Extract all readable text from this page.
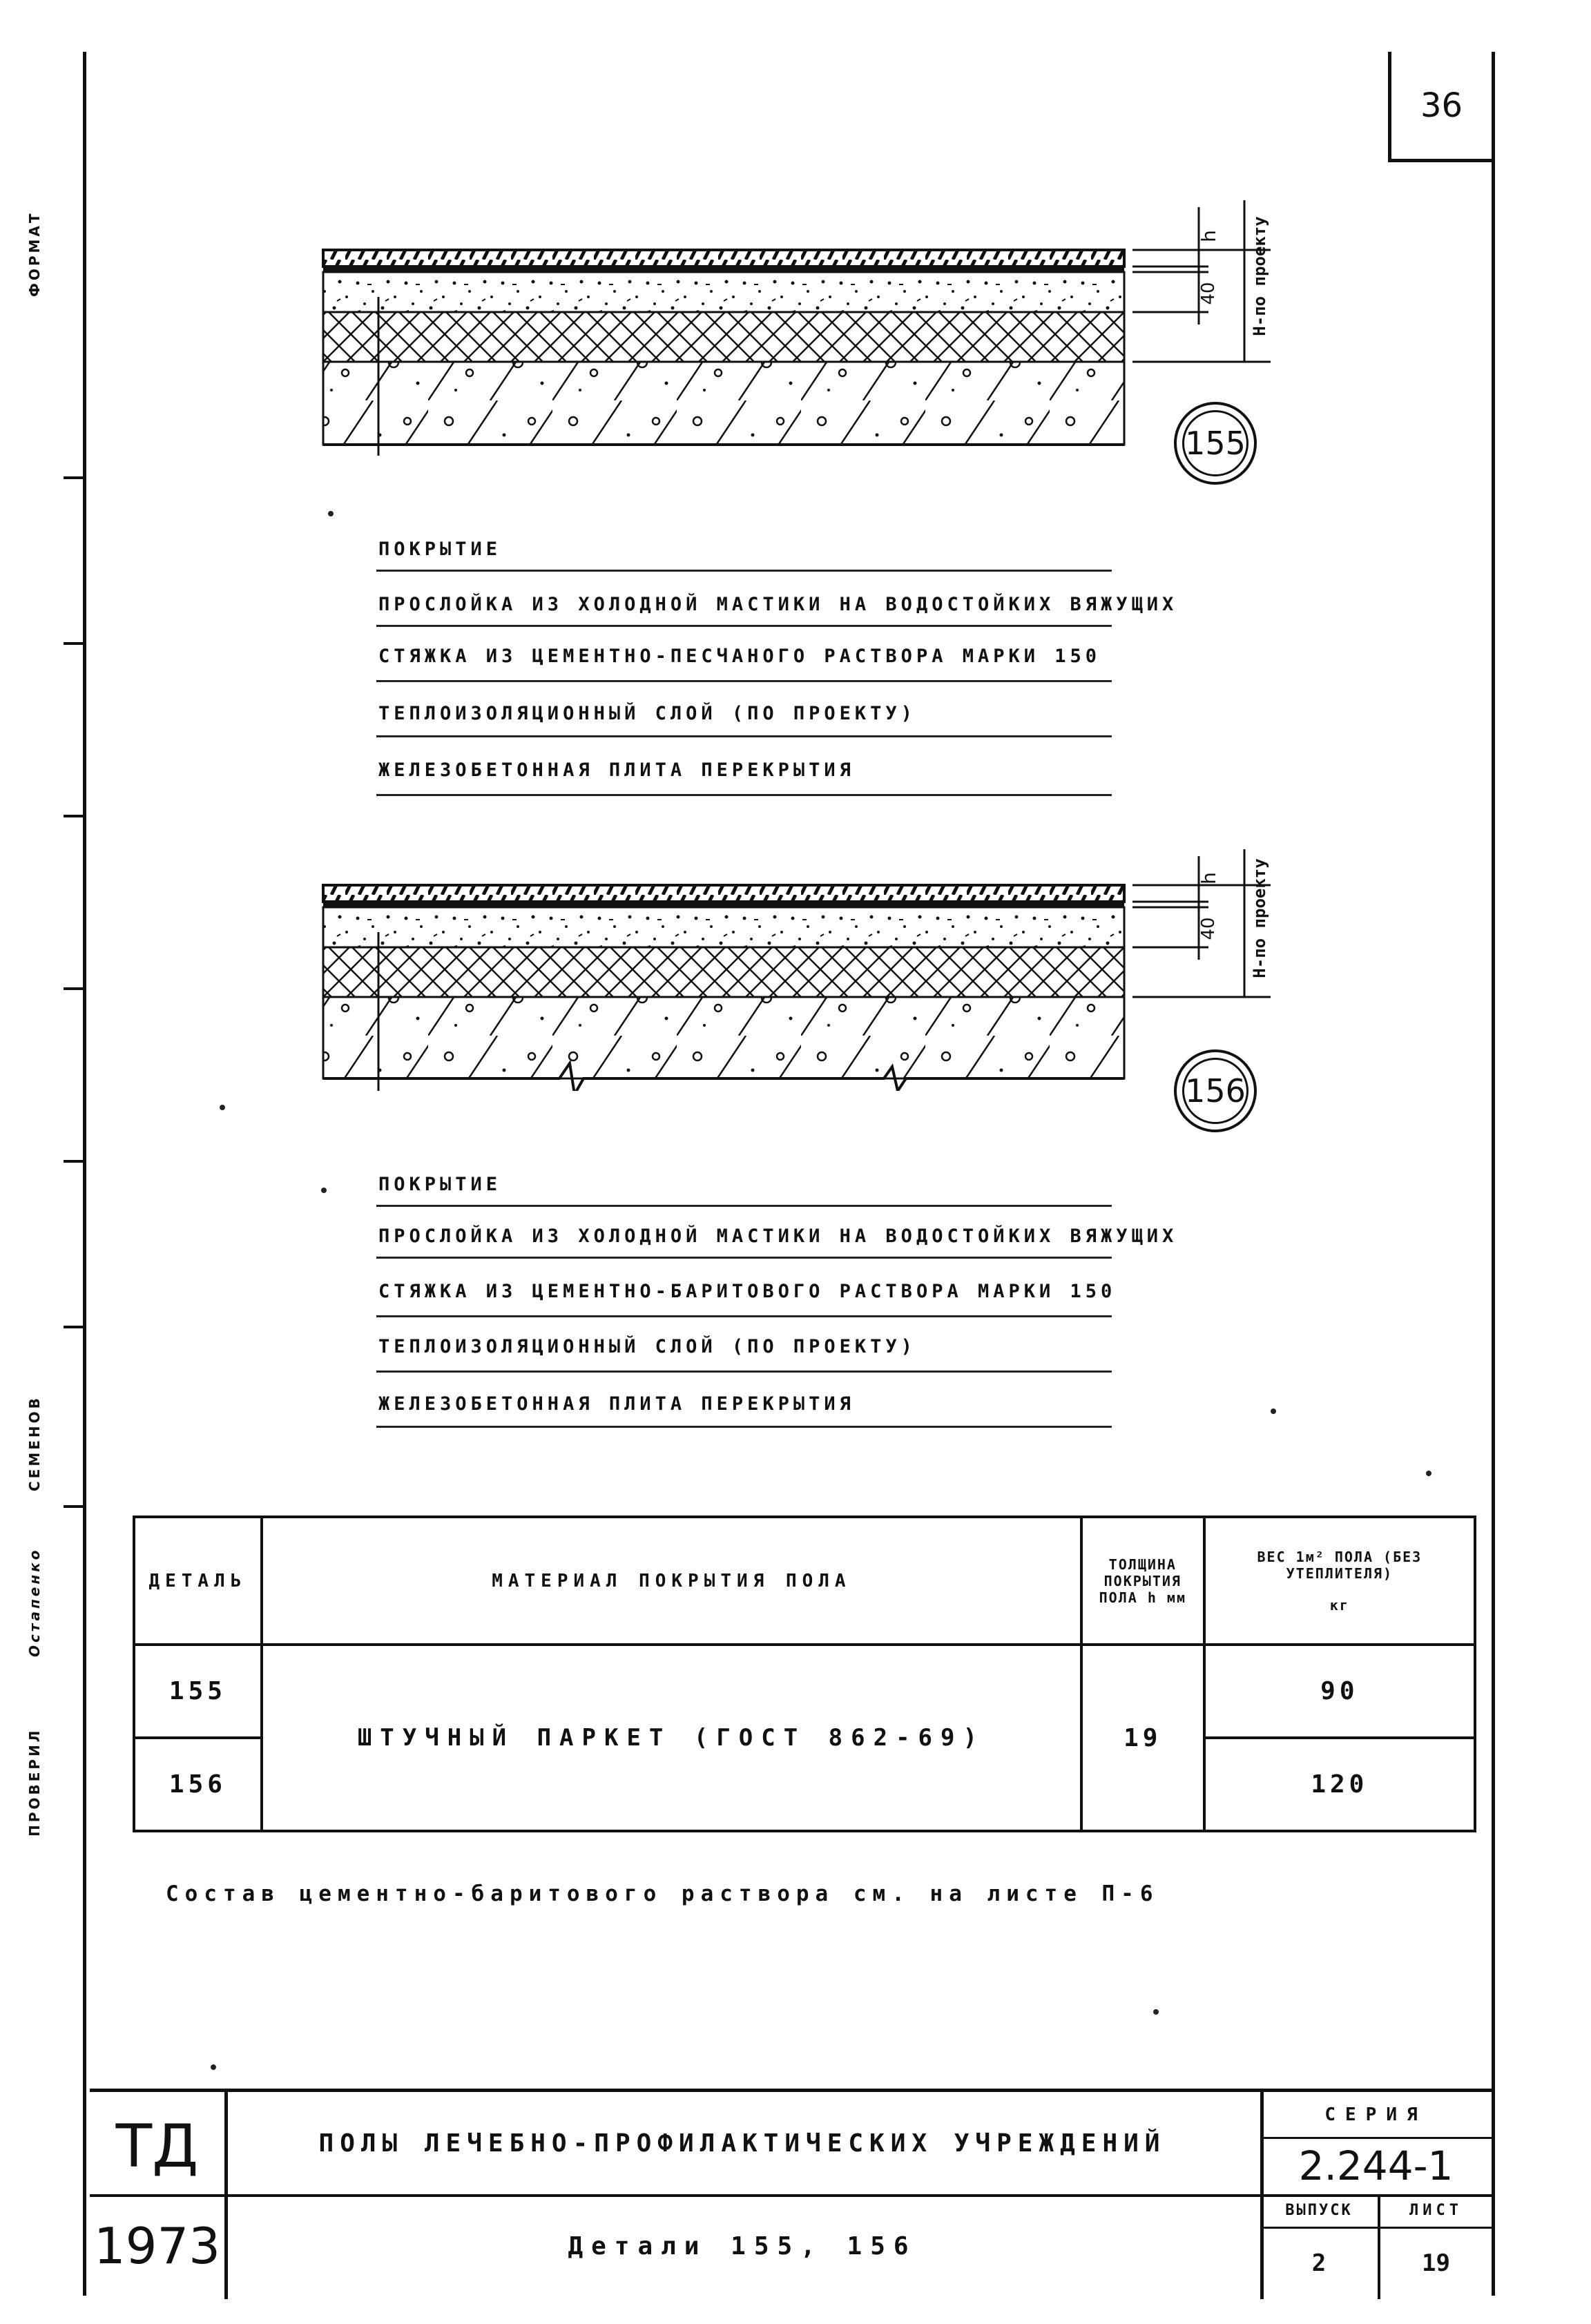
36
ФОРМАТ
СЕМЕНОВ
Остапенко
ПРОВЕРИЛ
h
40 Н-по проекту
155
ПОКРЫТИЕ
ПРОСЛОЙКА ИЗ ХОЛОДНОЙ МАСТИКИ НА ВОДОСТОЙКИХ ВЯЖУЩИХ
СТЯЖКА ИЗ ЦЕМЕНТНО-ПЕСЧАНОГО РАСТВОРА МАРКИ 150
ТЕПЛОИЗОЛЯЦИОННЫЙ СЛОЙ (ПО ПРОЕКТУ)
ЖЕЛЕЗОБЕТОННАЯ ПЛИТА ПЕРЕКРЫТИЯ
h
40 Н-по проекту
156
ПОКРЫТИЕ
ПРОСЛОЙКА ИЗ ХОЛОДНОЙ МАСТИКИ НА ВОДОСТОЙКИХ ВЯЖУЩИХ
СТЯЖКА ИЗ ЦЕМЕНТНО-БАРИТОВОГО РАСТВОРА МАРКИ 150
ТЕПЛОИЗОЛЯЦИОННЫЙ СЛОЙ (ПО ПРОЕКТУ)
ЖЕЛЕЗОБЕТОННАЯ ПЛИТА ПЕРЕКРЫТИЯ
ДЕТАЛЬ	МАТЕРИАЛ ПОКРЫТИЯ ПОЛА	ТОЛЩИНА ПОКРЫТИЯ ПОЛА h мм	ВЕС 1м² ПОЛА (БЕЗ УТЕПЛИТЕЛЯ)
кг

155	ШТУЧНЫЙ ПАРКЕТ (ГОСТ 862-69)	19	90
156			120
Состав цементно-баритового раствора см. на листе П-6
ТД
1973
ПОЛЫ ЛЕЧЕБНО-ПРОФИЛАКТИЧЕСКИХ УЧРЕЖДЕНИЙ
Детали 155, 156
СЕРИЯ
2.244-1
ВЫПУСК	ЛИСТ
2	19
